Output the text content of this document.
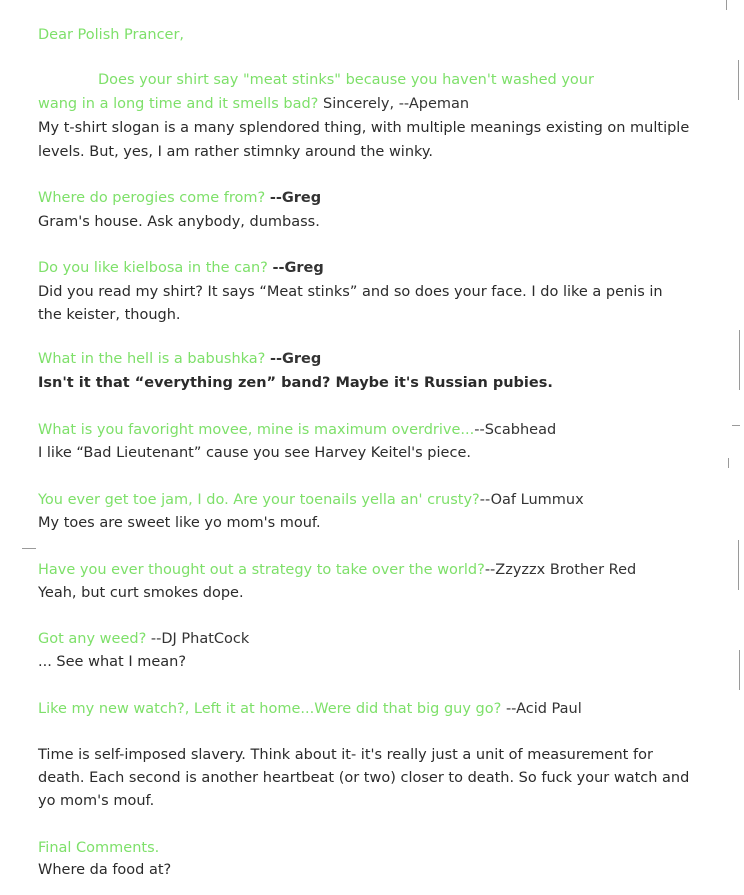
Dear Polish Prancer,
Does your shirt say "meat stinks" because you haven't washed your
wang in a long time and it smells bad? Sincerely, --Apeman
My t-shirt slogan is a many splendored thing, with multiple meanings existing on multiple
levels. But, yes, I am rather stimnky around the winky.
Where do perogies come from? --Greg
Gram's house. Ask anybody, dumbass.
Do you like kielbosa in the can? --Greg
Did you read my shirt? It says “Meat stinks” and so does your face. I do like a penis in
the keister, though.
What in the hell is a babushka? --Greg
Isn't it that “everything zen” band? Maybe it's Russian pubies.
What is you favoright movee, mine is maximum overdrive...--Scabhead
I like “Bad Lieutenant” cause you see Harvey Keitel's piece.
You ever get toe jam, I do. Are your toenails yella an' crusty?--Oaf Lummux
My toes are sweet like yo mom's mouf.
Have you ever thought out a strategy to take over the world?--Zzyzzx Brother Red
Yeah, but curt smokes dope.
Got any weed? --DJ PhatCock
... See what I mean?
Like my new watch?, Left it at home...Were did that big guy go? --Acid Paul
Time is self-imposed slavery. Think about it- it's really just a unit of measurement for
death. Each second is another heartbeat (or two) closer to death. So fuck your watch and
yo mom's mouf.
Final Comments.
Where da food at?
